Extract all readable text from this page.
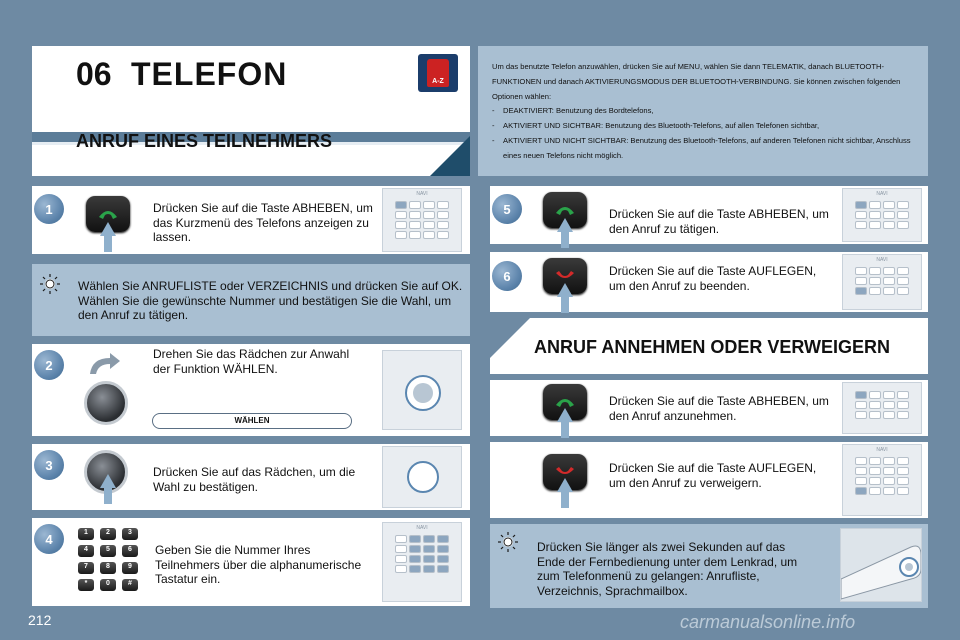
06 TELEFON	A-Z
ANRUF EINES TEILNEHMERS
Um das benutzte Telefon anzuwählen, drücken Sie auf MENU, wählen Sie dann TELEMATIK, danach BLUETOOTH-FUNKTIONEN und danach AKTIVIERUNGSMODUS DER BLUETOOTH-VERBINDUNG. Sie können zwischen folgenden Optionen wählen:
- DEAKTIVIERT: Benutzung des Bordtelefons,
- AKTIVIERT UND SICHTBAR: Benutzung des Bluetooth-Telefons, auf allen Telefonen sichtbar,
- AKTIVIERT UND NICHT SICHTBAR: Benutzung des Bluetooth-Telefons, auf anderen Telefonen nicht sichtbar, Anschluss eines neuen Telefons nicht möglich.
1	Drücken Sie auf die Taste ABHEBEN, um das Kurzmenü des Telefons anzeigen zu lassen.
NAVI
Wählen Sie ANRUFLISTE oder VERZEICHNIS und drücken Sie auf OK. Wählen Sie die gewünschte Nummer und bestätigen Sie die Wahl, um den Anruf zu tätigen.
2
Drehen Sie das Rädchen zur Anwahl der Funktion WÄHLEN.
WÄHLEN
3	Drücken Sie auf das Rädchen, um die Wahl zu bestätigen.
4	1	2	3
4	5	6
7	8	9
*	0	#
Geben Sie die Nummer Ihres Teilnehmers über die alphanumerische Tastatur ein.
NAVI
5	Drücken Sie auf die Taste ABHEBEN, um den Anruf zu tätigen.
NAVI
6	Drücken Sie auf die Taste AUFLEGEN, um den Anruf zu beenden.
NAVI
ANRUF ANNEHMEN ODER VERWEIGERN
Drücken Sie auf die Taste ABHEBEN, um den Anruf anzunehmen.
Drücken Sie auf die Taste AUFLEGEN, um den Anruf zu verweigern.
NAVI
Drücken Sie länger als zwei Sekunden auf das Ende der Fernbedienung unter dem Lenkrad, um zum Telefonmenü zu gelangen: Anrufliste, Verzeichnis, Sprachmailbox.
212	carmanualsonline.info
